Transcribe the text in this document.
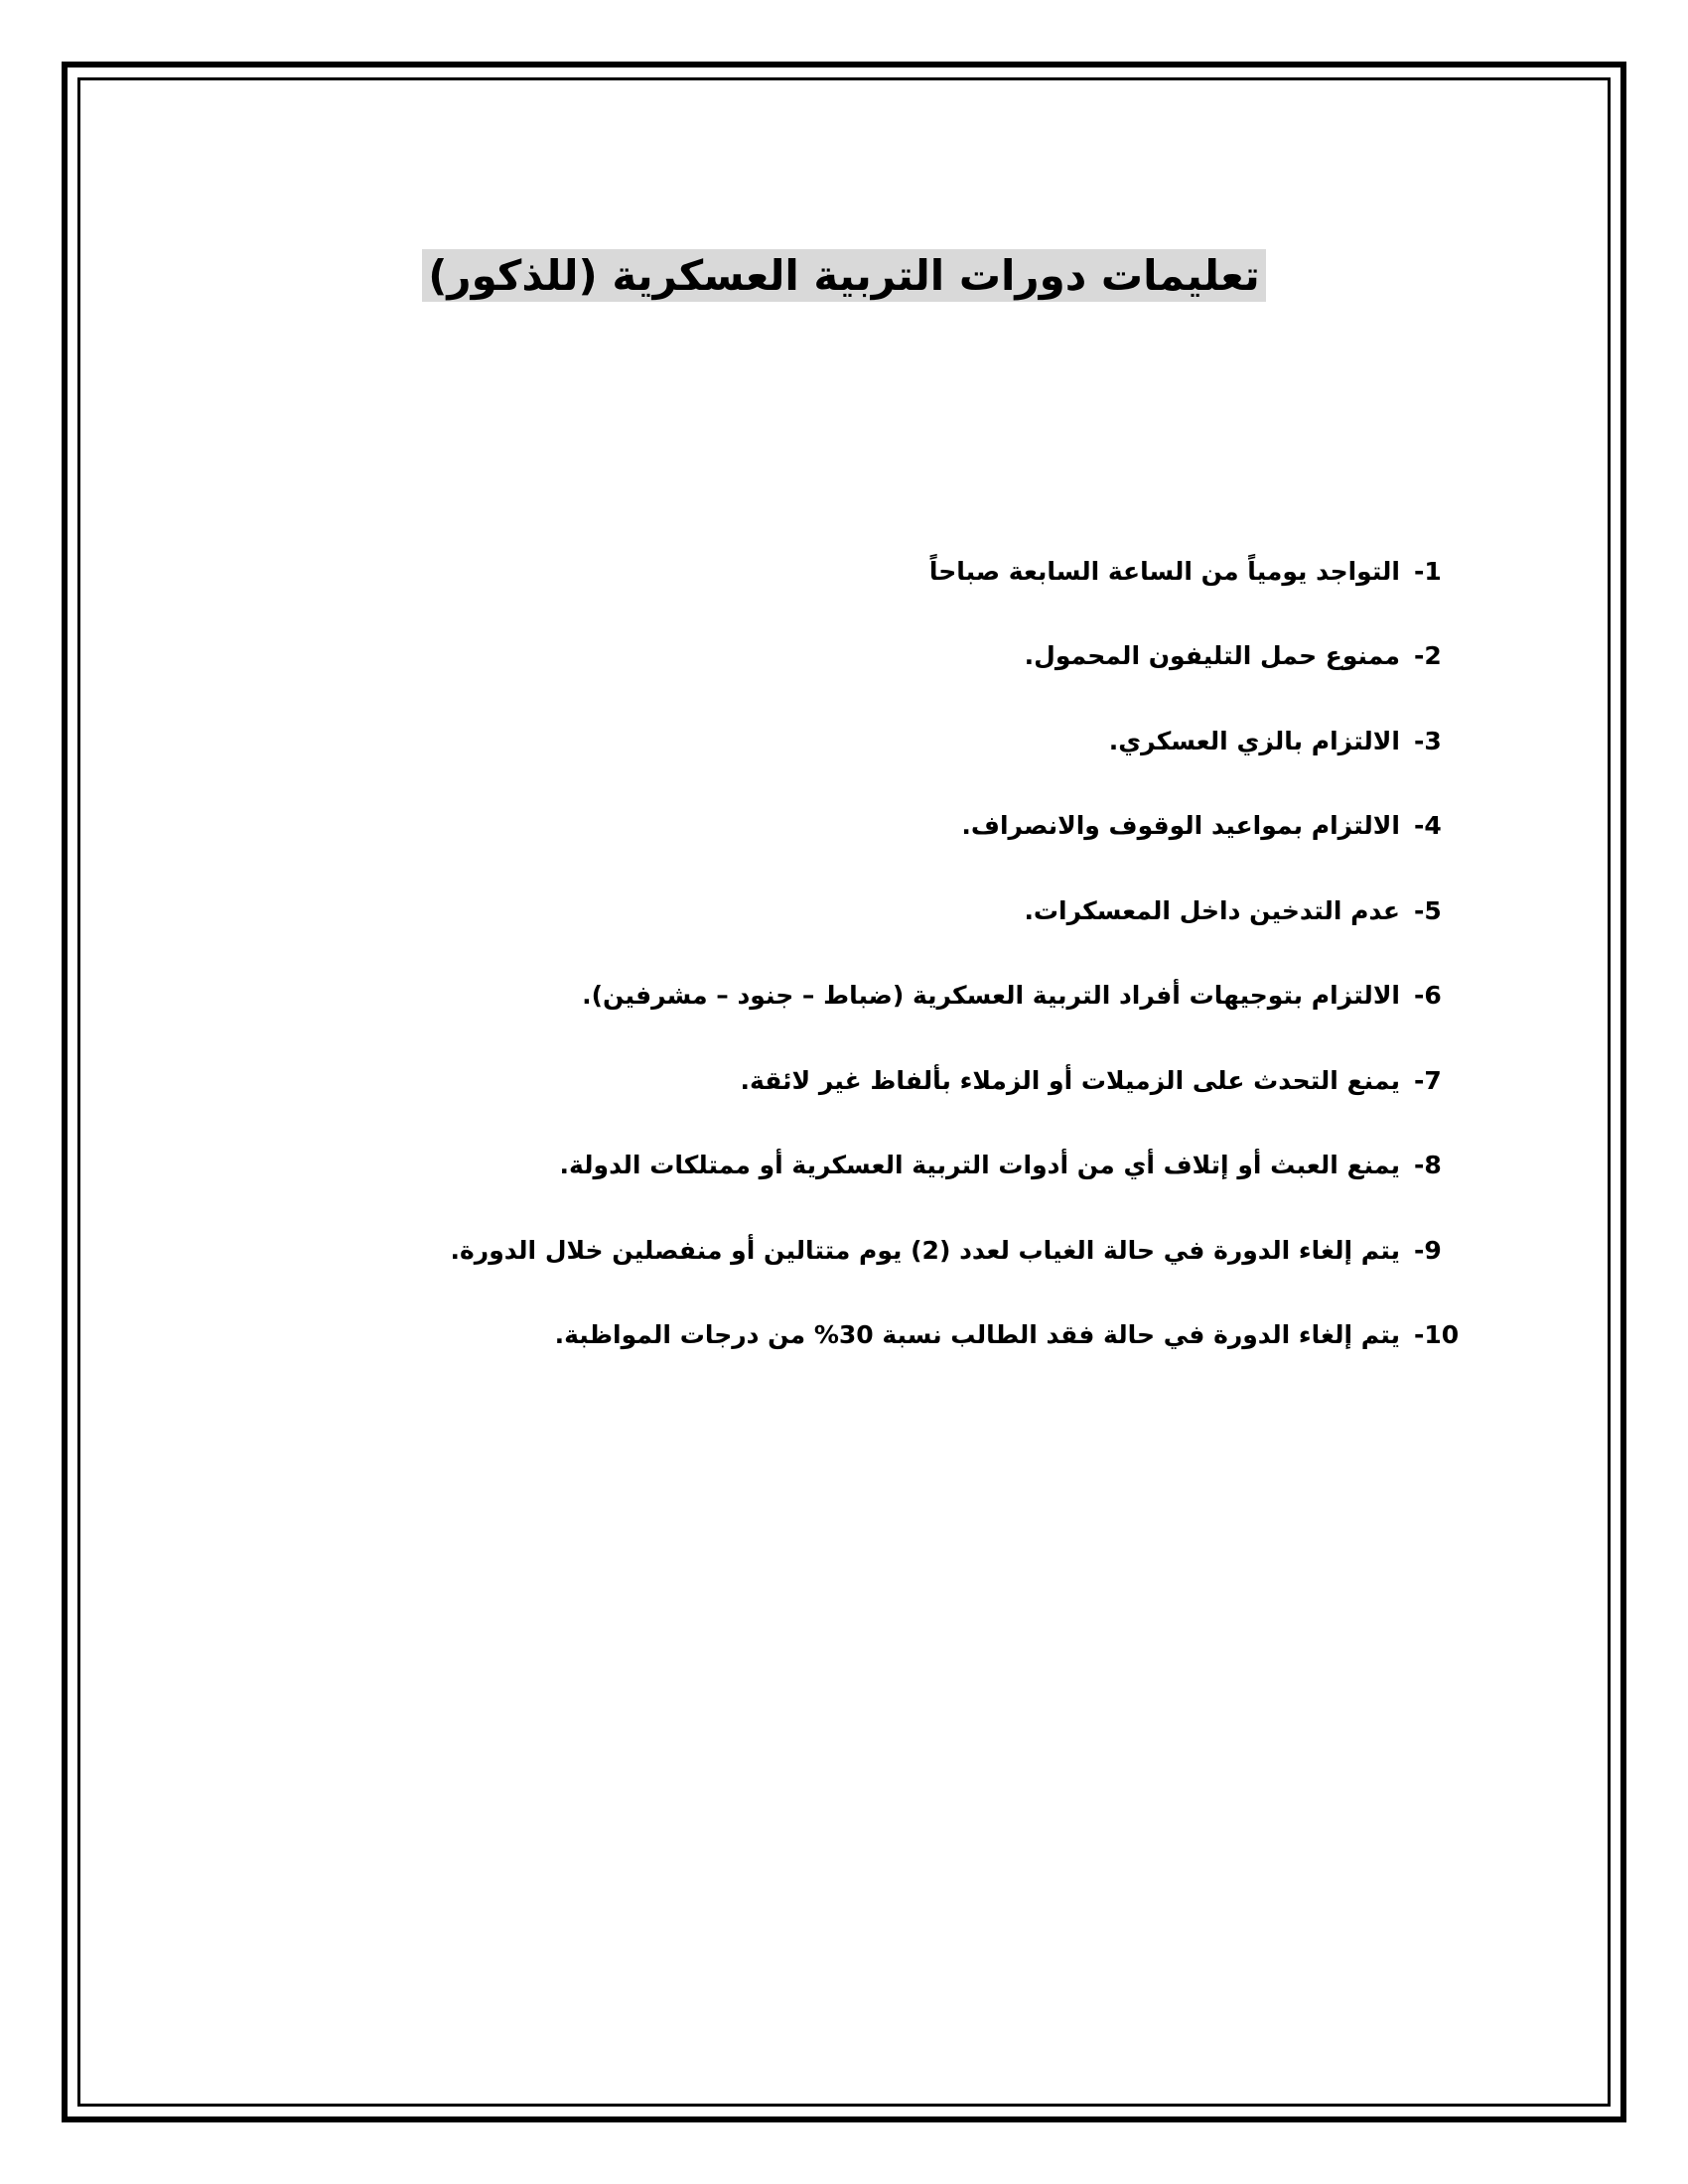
تعليمات دورات التربية العسكرية (للذكور)
1-
التواجد يومياً من الساعة السابعة صباحاً
2-
ممنوع حمل التليفون المحمول.
3-
الالتزام بالزي العسكري.
4-
الالتزام بمواعيد الوقوف والانصراف.
5-
عدم التدخين داخل المعسكرات.
6-
الالتزام بتوجيهات أفراد التربية العسكرية (ضباط – جنود – مشرفين).
7-
يمنع التحدث على الزميلات أو الزملاء بألفاظ غير لائقة.
8-
يمنع العبث أو إتلاف أي من أدوات التربية العسكرية أو ممتلكات الدولة.
9-
يتم إلغاء الدورة في حالة الغياب لعدد (2) يوم متتالين أو منفصلين خلال الدورة.
10-
يتم إلغاء الدورة في حالة فقد الطالب نسبة 30% من درجات المواظبة.
